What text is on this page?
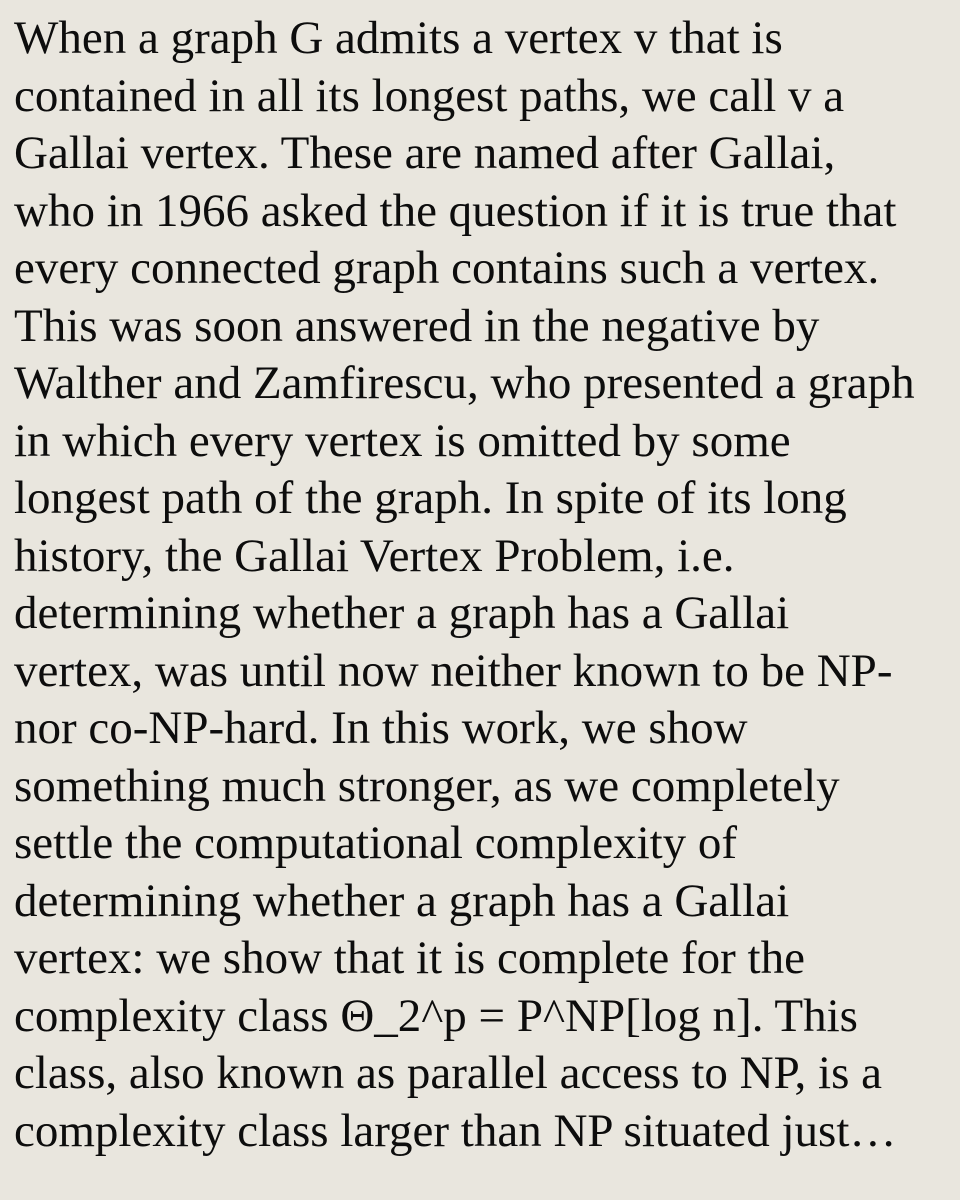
When a graph G admits a vertex v that is
contained in all its longest paths, we call v a
Gallai vertex. These are named after Gallai,
who in 1966 asked the question if it is true that
every connected graph contains such a vertex.
This was soon answered in the negative by
Walther and Zamfirescu, who presented a graph
in which every vertex is omitted by some
longest path of the graph. In spite of its long
history, the Gallai Vertex Problem, i.e.
determining whether a graph has a Gallai
vertex, was until now neither known to be NP-
nor co-NP-hard. In this work, we show
something much stronger, as we completely
settle the computational complexity of
determining whether a graph has a Gallai
vertex: we show that it is complete for the
complexity class Θ_2^p = P^NP[log n]. This
class, also known as parallel access to NP, is a
complexity class larger than NP situated just…
